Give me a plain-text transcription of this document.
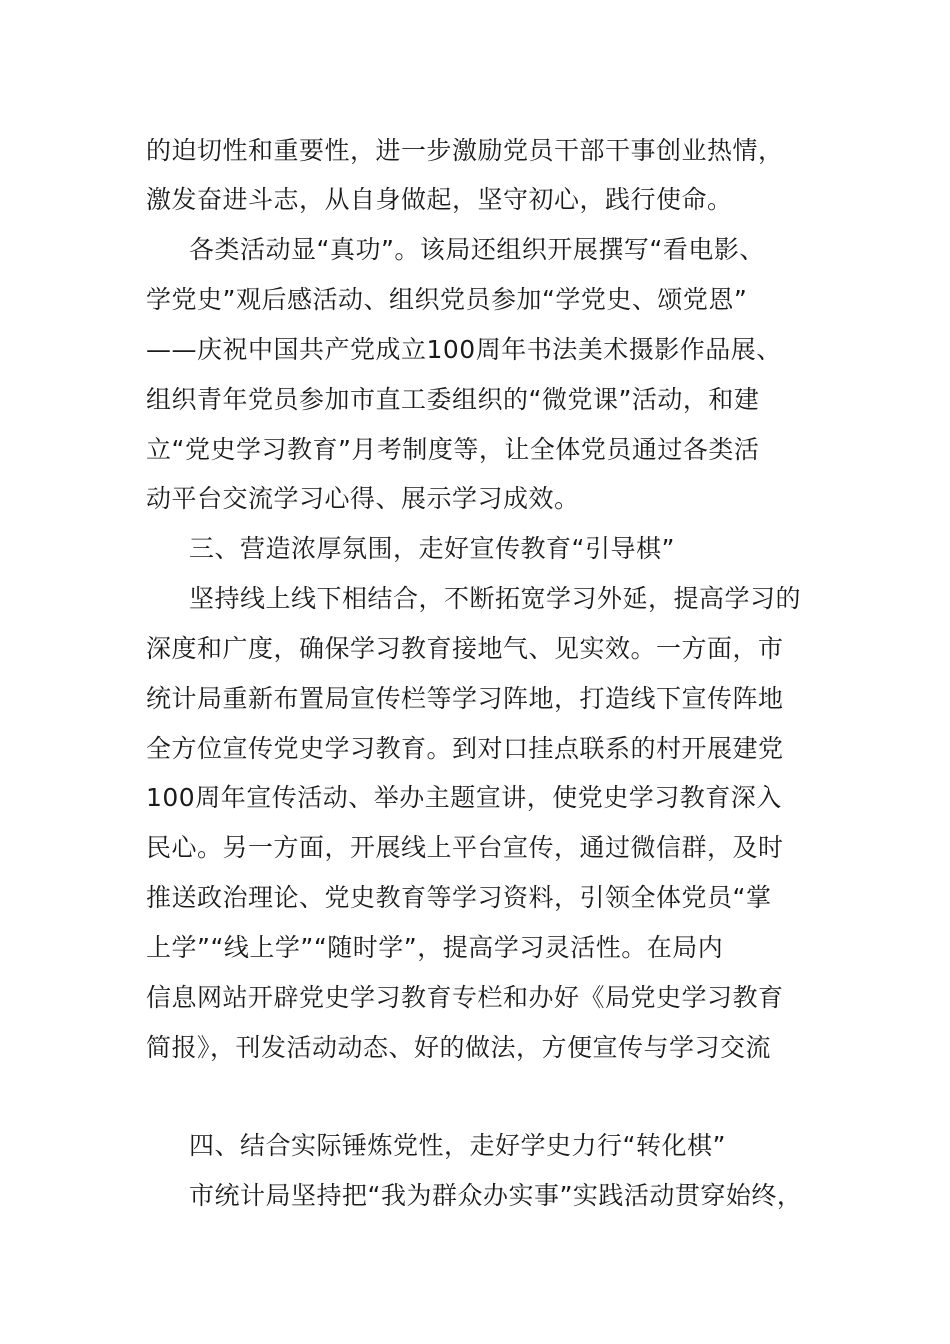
的迫切性和重要性，进一步激励党员干部干事创业热情，
激发奋进斗志，从自身做起，坚守初心，践行使命。
各类活动显“真功”。该局还组织开展撰写“看电影、
学党史”观后感活动、组织党员参加“学党史、颂党恩”
——庆祝中国共产党成立100周年书法美术摄影作品展、
组织青年党员参加市直工委组织的“微党课”活动，和建
立“党史学习教育”月考制度等，让全体党员通过各类活
动平台交流学习心得、展示学习成效。
三、营造浓厚氛围，走好宣传教育“引导棋”
坚持线上线下相结合，不断拓宽学习外延，提高学习的
深度和广度，确保学习教育接地气、见实效。一方面，市
统计局重新布置局宣传栏等学习阵地，打造线下宣传阵地
全方位宣传党史学习教育。到对口挂点联系的村开展建党
100周年宣传活动、举办主题宣讲，使党史学习教育深入
民心。另一方面，开展线上平台宣传，通过微信群，及时
推送政治理论、党史教育等学习资料，引领全体党员“掌
上学”“线上学”“随时学”，提高学习灵活性。在局内
信息网站开辟党史学习教育专栏和办好《局党史学习教育
简报》，刊发活动动态、好的做法，方便宣传与学习交流
四、结合实际锤炼党性，走好学史力行“转化棋”
市统计局坚持把“我为群众办实事”实践活动贯穿始终，
